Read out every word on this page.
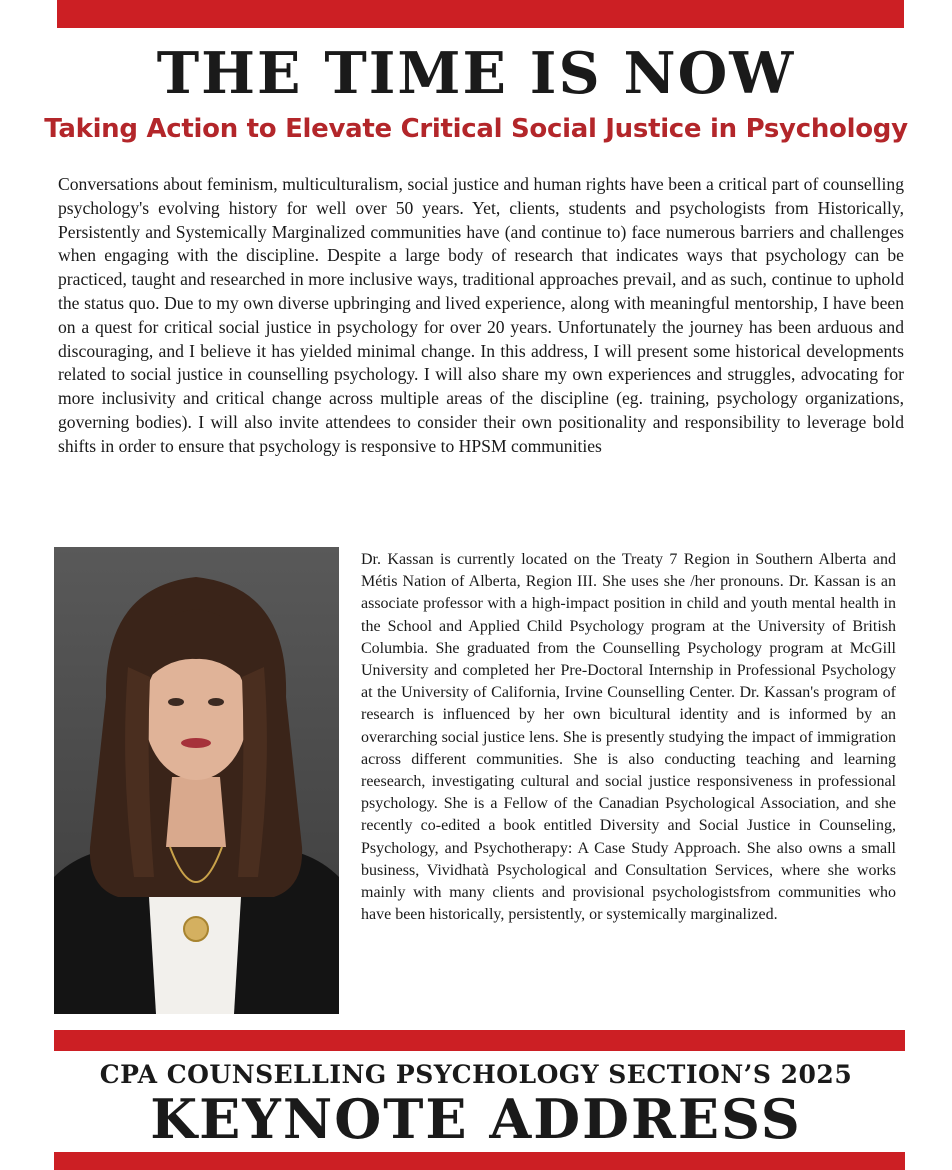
THE TIME IS NOW
Taking Action to Elevate Critical Social Justice in Psychology

Conversations about feminism, multiculturalism, social justice and human rights have been a critical part of counselling psychology's evolving history for well over 50 years. Yet, clients, students and psychologists from Historically, Persistently and Systemically Marginalized communities have (and continue to) face numerous barriers and challenges when engaging with the discipline. Despite a large body of research that indicates ways that psychology can be practiced, taught and researched in more inclusive ways, traditional approaches prevail, and as such, continue to uphold the status quo. Due to my own diverse upbringing and lived experience, along with meaningful mentorship, I have been on a quest for critical social justice in psychology for over 20 years. Unfortunately the journey has been arduous and discouraging, and I believe it has yielded minimal change. In this address, I will present some historical developments related to social justice in counselling psychology. I will also share my own experiences and struggles, advocating for more inclusivity and critical change across multiple areas of the discipline (eg. training, psychology organizations, governing bodies). I will also invite attendees to consider their own positionality and responsibility to leverage bold shifts in order to ensure that psychology is responsive to HPSM communities

Dr. Kassan is currently located on the Treaty 7 Region in Southern Alberta and Métis Nation of Alberta, Region III. She uses she /her pronouns. Dr. Kassan is an associate professor with a high-impact position in child and youth mental health in the School and Applied Child Psychology program at the University of British Columbia. She graduated from the Counselling Psychology program at McGill University and completed her Pre-Doctoral Internship in Professional Psychology at the University of California, Irvine Counselling Center. Dr. Kassan's program of research is influenced by her own bicultural identity and is informed by an overarching social justice lens. She is presently studying the impact of immigration across different communities. She is also conducting teaching and learning reesearch, investigating cultural and social justice responsiveness in professional psychology. She is a Fellow of the Canadian Psychological Association, and she recently co-edited a book entitled Diversity and Social Justice in Counseling, Psychology, and Psychotherapy: A Case Study Approach. She also owns a small business, Vividhatà Psychological and Consultation Services, where she works mainly with many clients and provisional psychologistsfrom communities who have been historically, persistently, or systemically marginalized.

CPA COUNSELLING PSYCHOLOGY SECTION’S 2025
KEYNOTE ADDRESS
